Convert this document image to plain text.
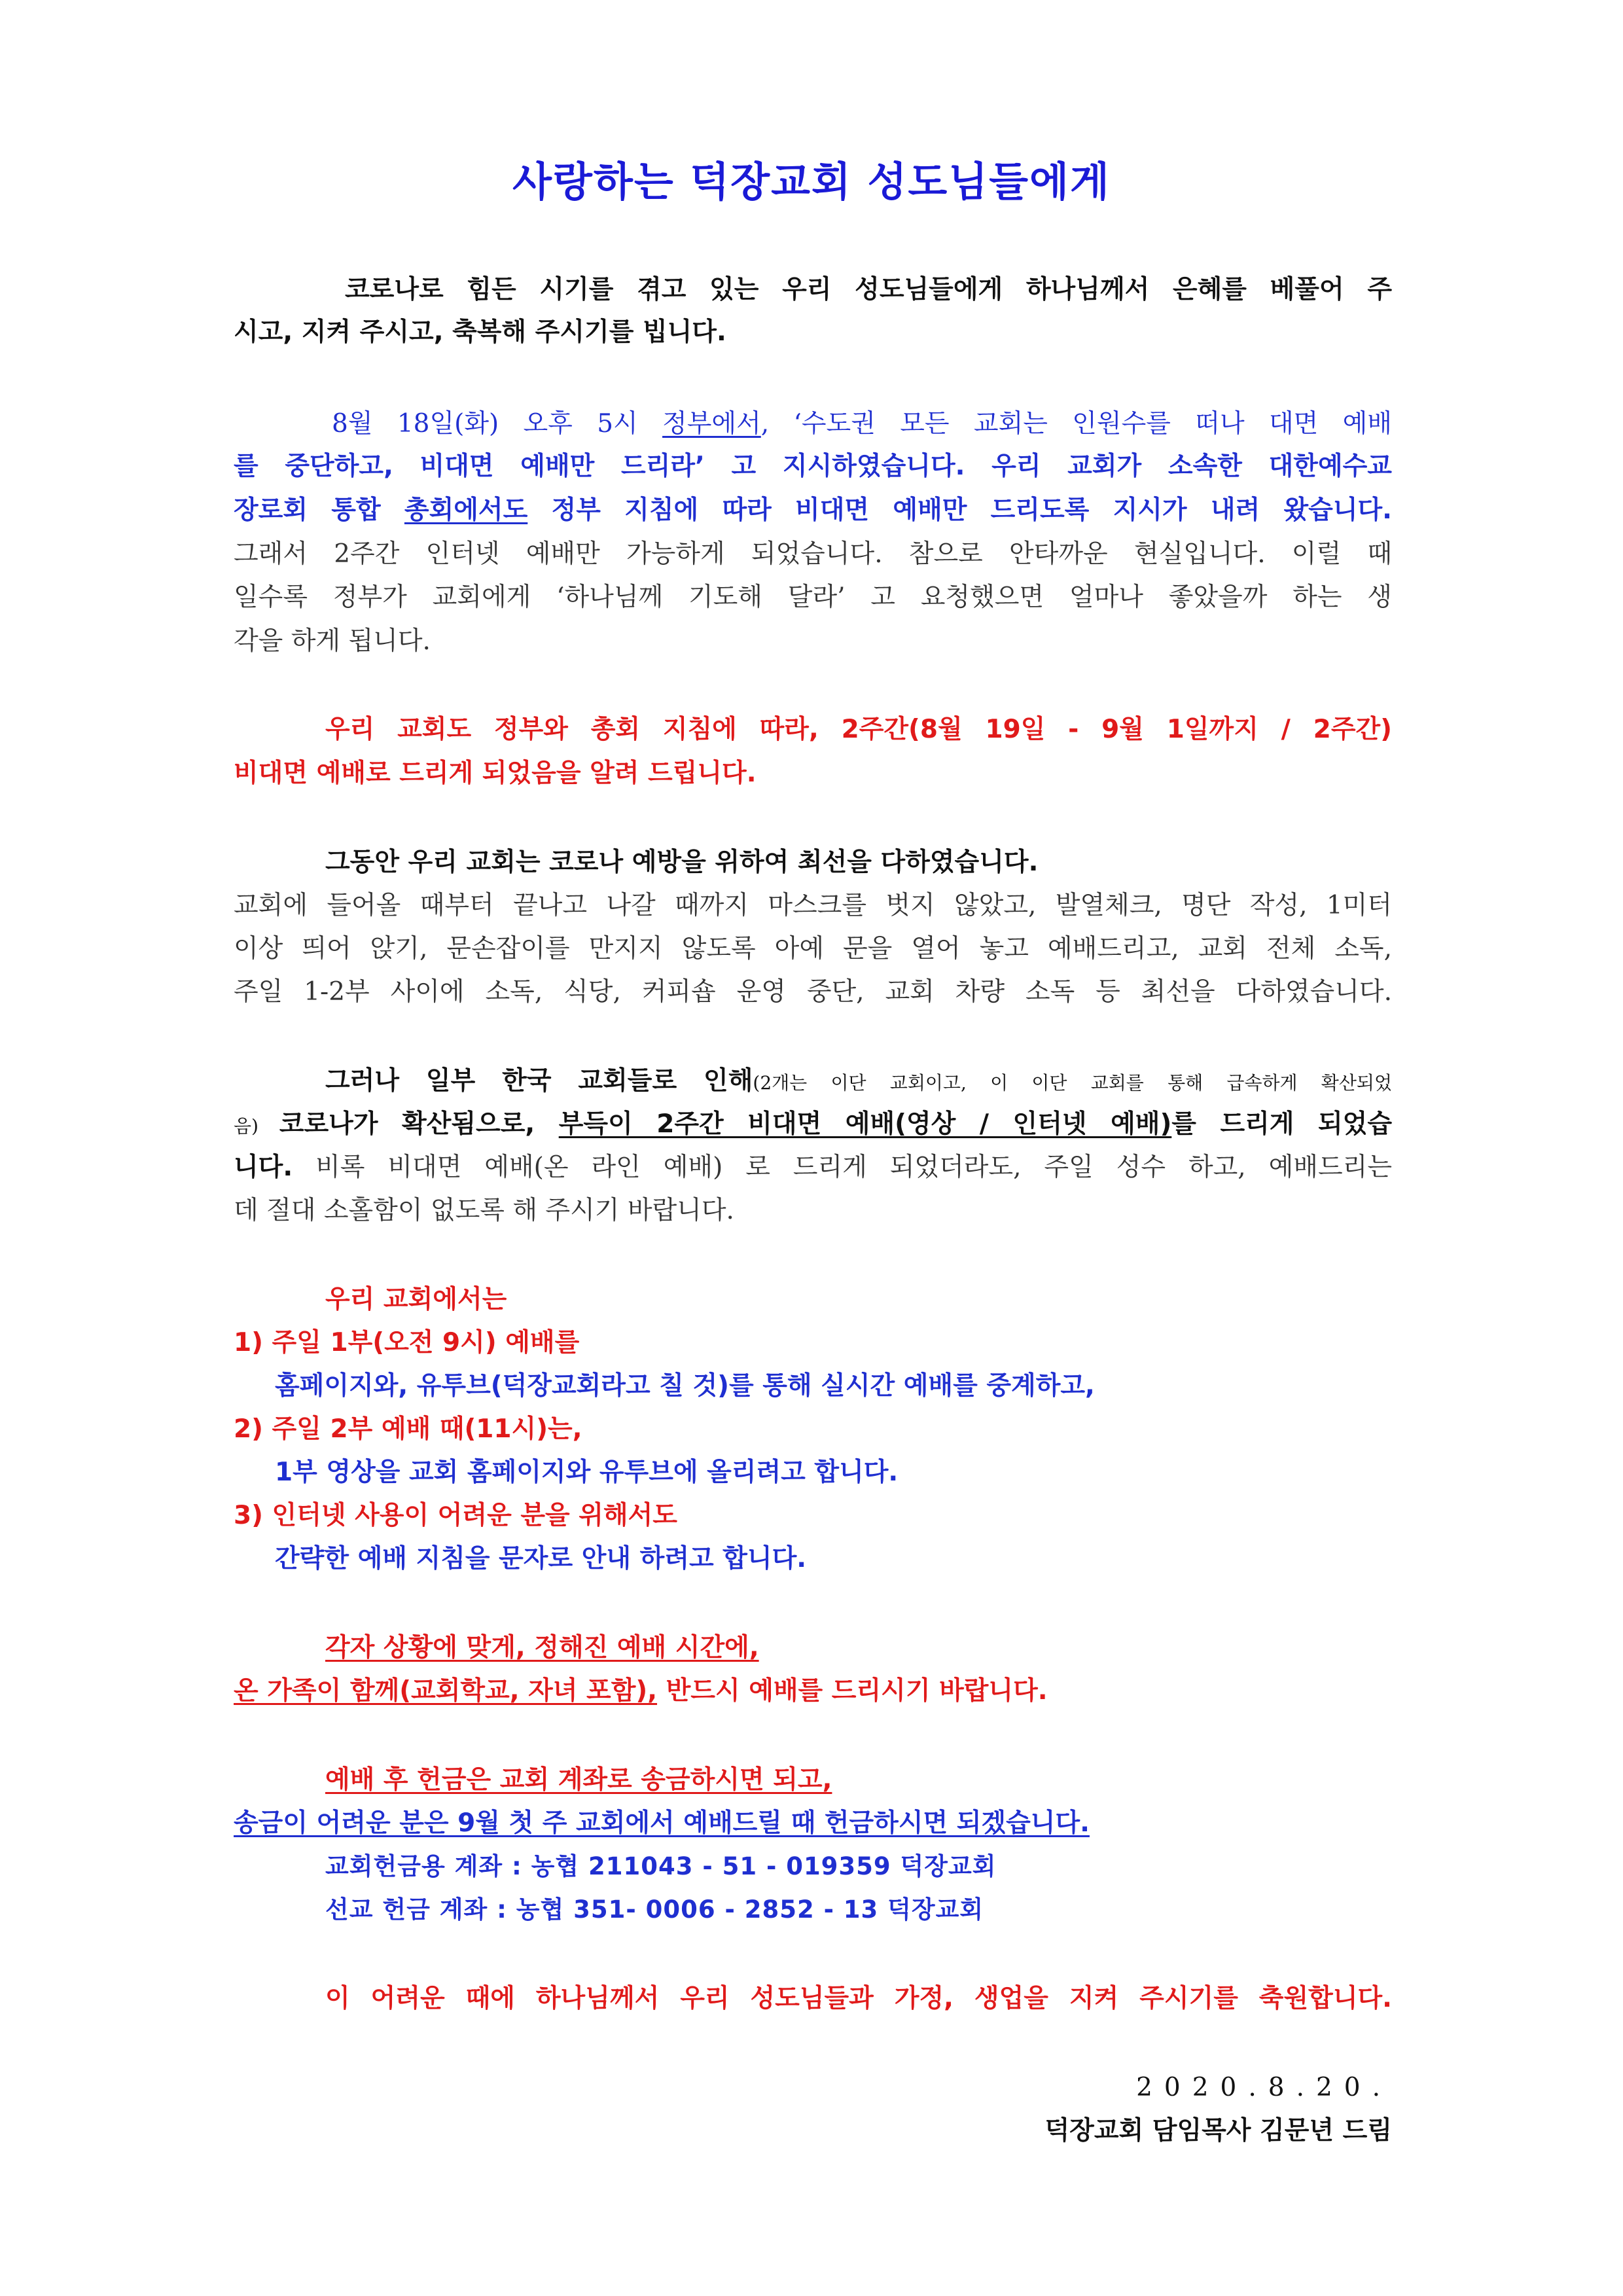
사랑하는 덕장교회 성도님들에게

코로나로 힘든 시기를 겪고 있는 우리 성도님들에게 하나님께서 은혜를 베풀어 주

시고, 지켜 주시고, 축복해 주시기를 빕니다.

8월 18일(화) 오후 5시 정부에서, ‘수도권 모든 교회는 인원수를 떠나 대면 예배

를 중단하고, 비대면 예배만 드리라’ 고 지시하였습니다. 우리 교회가 소속한 대한예수교

장로회 통합 총회에서도 정부 지침에 따라 비대면 예배만 드리도록 지시가 내려 왔습니다.

그래서 2주간 인터넷 예배만 가능하게 되었습니다. 참으로 안타까운 현실입니다. 이럴 때

일수록 정부가 교회에게 ‘하나님께 기도해 달라’ 고 요청했으면 얼마나 좋았을까 하는 생

각을 하게 됩니다.

우리 교회도 정부와 총회 지침에 따라, 2주간(8월 19일 - 9월 1일까지 / 2주간)

비대면 예배로 드리게 되었음을 알려 드립니다.

그동안 우리 교회는 코로나 예방을 위하여 최선을 다하였습니다.

교회에 들어올 때부터 끝나고 나갈 때까지 마스크를 벗지 않았고, 발열체크, 명단 작성, 1미터

이상 띄어 앉기, 문손잡이를 만지지 않도록 아예 문을 열어 놓고 예배드리고, 교회 전체 소독,

주일 1-2부 사이에 소독, 식당, 커피숍 운영 중단, 교회 차량 소독 등 최선을 다하였습니다.

그러나 일부 한국 교회들로 인해(2개는 이단 교회이고, 이 이단 교회를 통해 급속하게 확산되었

음) 코로나가 확산됨으로, 부득이 2주간 비대면 예배(영상 / 인터넷 예배)를 드리게 되었습

니다. 비록 비대면 예배(온 라인 예배) 로 드리게 되었더라도, 주일 성수 하고, 예배드리는

데 절대 소홀함이 없도록 해 주시기 바랍니다.

우리 교회에서는

1) 주일 1부(오전 9시) 예배를

홈페이지와, 유투브(덕장교회라고 칠 것)를 통해 실시간 예배를 중계하고,

2) 주일 2부 예배 때(11시)는,

1부 영상을 교회 홈페이지와 유투브에 올리려고 합니다.

3) 인터넷 사용이 어려운 분을 위해서도

간략한 예배 지침을 문자로 안내 하려고 합니다.

각자 상황에 맞게, 정해진 예배 시간에,

온 가족이 함께(교회학교, 자녀 포함), 반드시 예배를 드리시기 바랍니다.

예배 후 헌금은 교회 계좌로 송금하시면 되고,

송금이 어려운 분은 9월 첫 주 교회에서 예배드릴 때 헌금하시면 되겠습니다.

교회헌금용 계좌 : 농협 211043 - 51 - 019359 덕장교회

선교 헌금 계좌 : 농협 351- 0006 - 2852 - 13 덕장교회

이 어려운 때에 하나님께서 우리 성도님들과 가정, 생업을 지켜 주시기를 축원합니다.

2020.8.20.

덕장교회 담임목사 김문년 드림
